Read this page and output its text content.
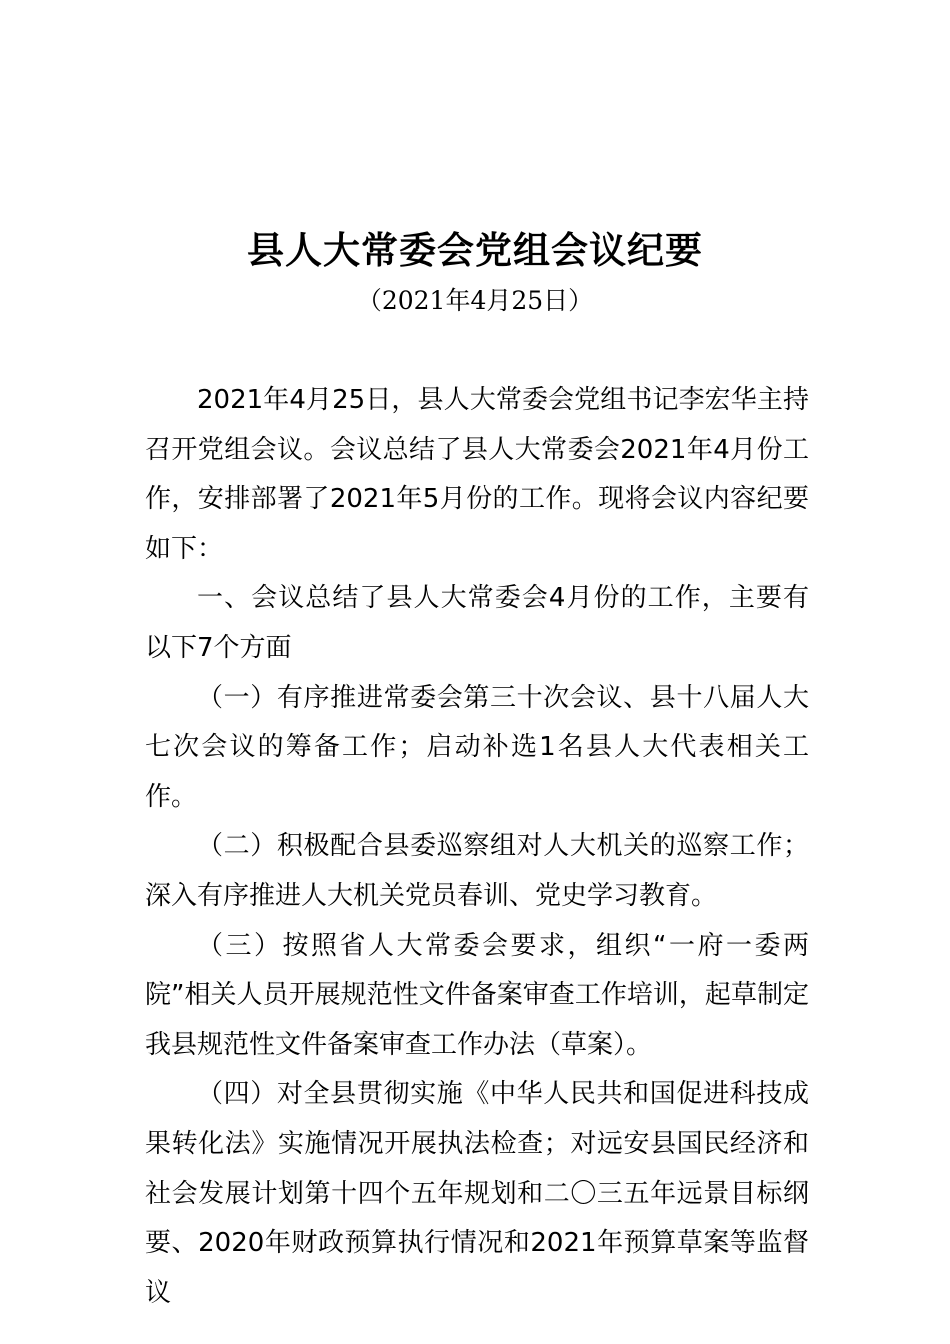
县人大常委会党组会议纪要
（2021年4月25日）

2021年4月25日，县人大常委会党组书记李宏华主持召开党组会议。会议总结了县人大常委会2021年4月份工作，安排部署了2021年5月份的工作。现将会议内容纪要如下：

一、会议总结了县人大常委会4月份的工作，主要有以下7个方面

（一）有序推进常委会第三十次会议、县十八届人大七次会议的筹备工作；启动补选1名县人大代表相关工作。

（二）积极配合县委巡察组对人大机关的巡察工作；深入有序推进人大机关党员春训、党史学习教育。

（三）按照省人大常委会要求，组织“一府一委两院”相关人员开展规范性文件备案审查工作培训，起草制定我县规范性文件备案审查工作办法（草案）。

（四）对全县贯彻实施《中华人民共和国促进科技成果转化法》实施情况开展执法检查；对远安县国民经济和社会发展计划第十四个五年规划和二〇三五年远景目标纲要、2020年财政预算执行情况和2021年预算草案等监督议
